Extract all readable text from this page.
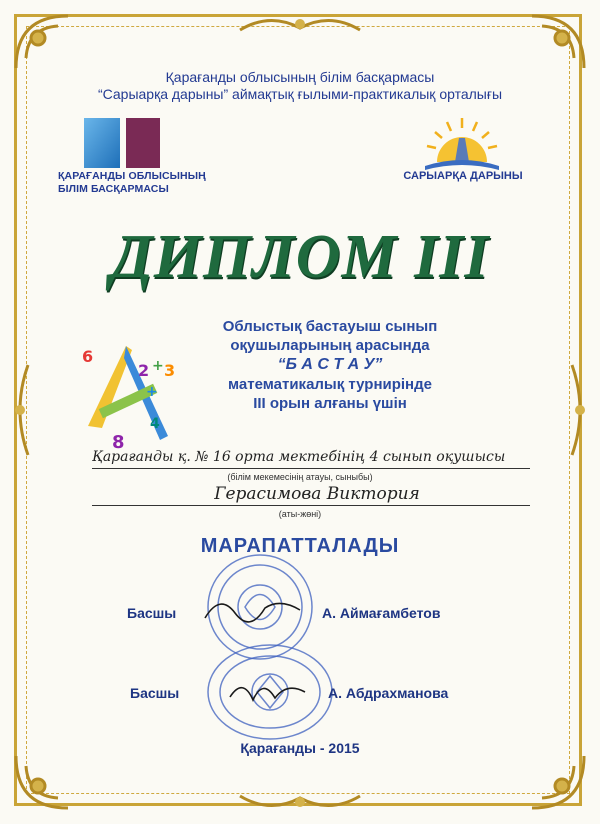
Қарағанды облысының білім басқармасы
“Сарыарқа дарыны” аймақтық ғылыми-практикалық орталығы
ҚАРАҒАНДЫ ОБЛЫСЫНЫҢ
БІЛІМ БАСҚАРМАСЫ
САРЫАРҚА ДАРЫНЫ
ДИПЛОМ III
6
2 + 3
+
8
4
Облыстық бастауыш сынып
оқушыларының арасында
“Б А С Т А У”
математикалық турнирінде
III орын алғаны үшін
Қарағанды қ. № 16 орта мектебінің 4 сынып оқушысы
(білім мекемесінің атауы, сыныбы)
Герасимова Виктория
(аты-жөні)
МАРАПАТТАЛАДЫ
Басшы	А. Аймағамбетов
Басшы	А. Абдрахманова
Қарағанды - 2015
